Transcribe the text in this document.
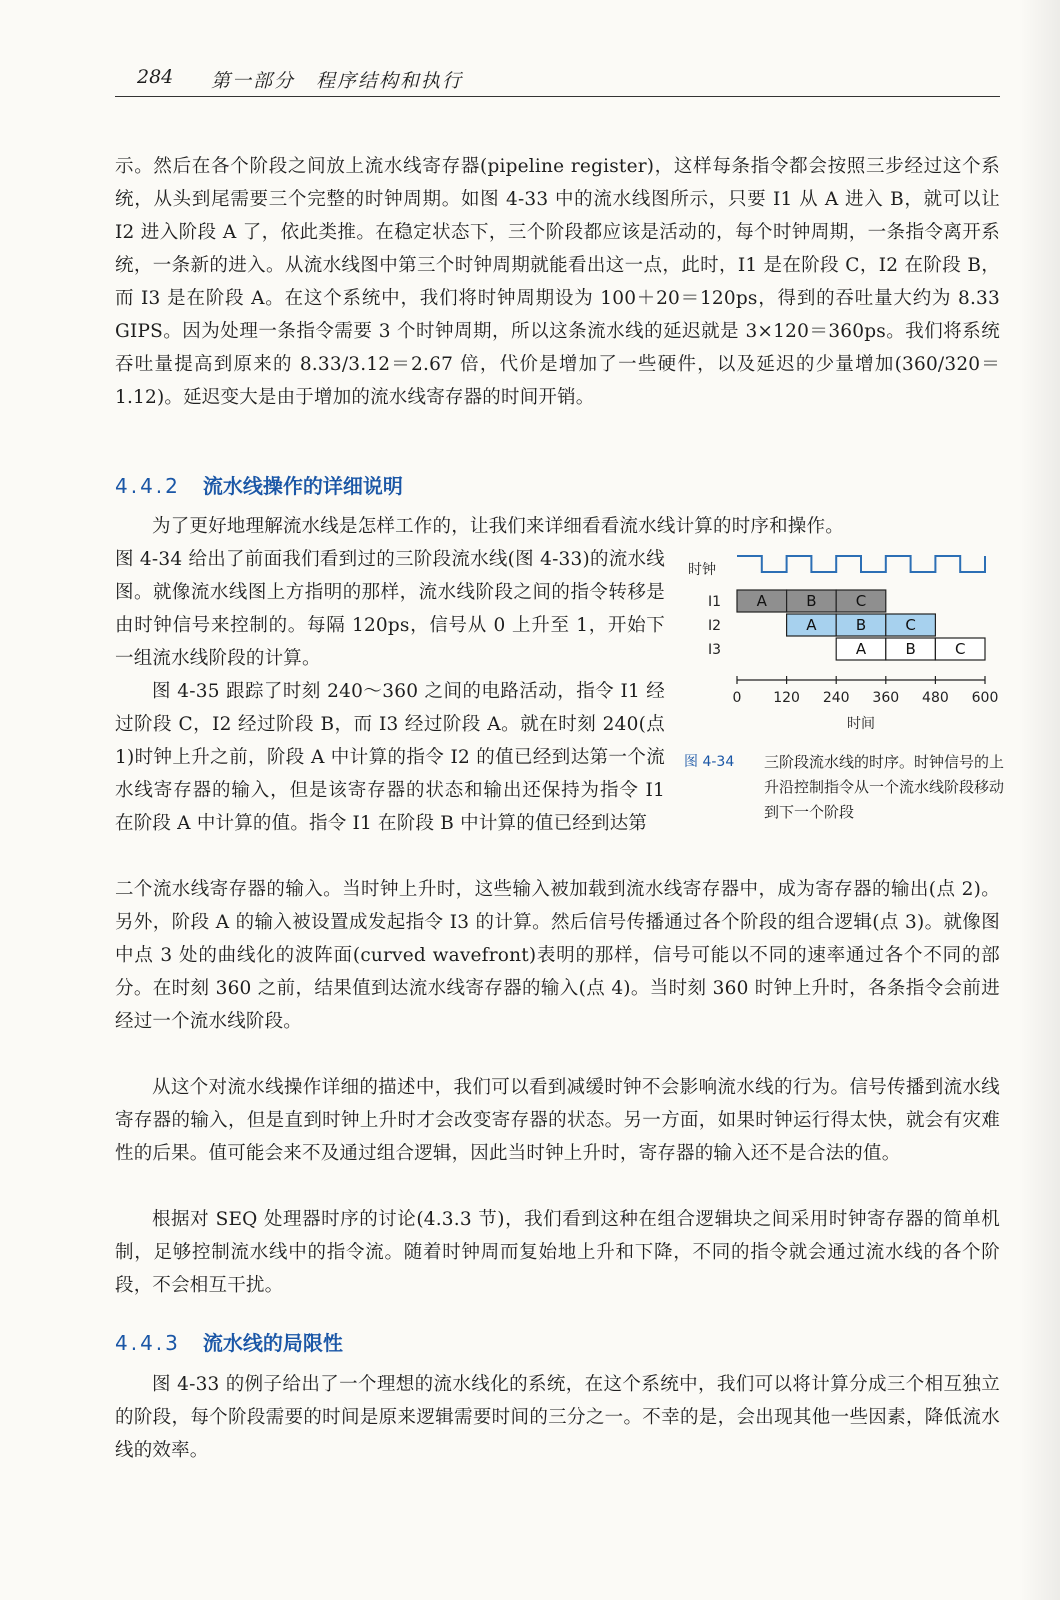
284 第一部分　程序结构和执行

示。然后在各个阶段之间放上流水线寄存器(pipeline register)，这样每条指令都会按照三步经过这个系统，从头到尾需要三个完整的时钟周期。如图 4-33 中的流水线图所示，只要 I1 从 A 进入 B，就可以让 I2 进入阶段 A 了，依此类推。在稳定状态下，三个阶段都应该是活动的，每个时钟周期，一条指令离开系统，一条新的进入。从流水线图中第三个时钟周期就能看出这一点，此时，I1 是在阶段 C，I2 在阶段 B，而 I3 是在阶段 A。在这个系统中，我们将时钟周期设为 100＋20＝120ps，得到的吞吐量大约为 8.33 GIPS。因为处理一条指令需要 3 个时钟周期，所以这条流水线的延迟就是 3×120＝360ps。我们将系统吞吐量提高到原来的 8.33/3.12＝2.67 倍，代价是增加了一些硬件，以及延迟的少量增加(360/320＝1.12)。延迟变大是由于增加的流水线寄存器的时间开销。

4.4.2 流水线操作的详细说明

为了更好地理解流水线是怎样工作的，让我们来详细看看流水线计算的时序和操作。

图 4-34 给出了前面我们看到过的三阶段流水线(图 4-33)的流水线图。就像流水线图上方指明的那样，流水线阶段之间的指令转移是由时钟信号来控制的。每隔 120ps，信号从 0 上升至 1，开始下一组流水线阶段的计算。

图 4-35 跟踪了时刻 240～360 之间的电路活动，指令 I1 经过阶段 C，I2 经过阶段 B，而 I3 经过阶段 A。就在时刻 240(点 1)时钟上升之前，阶段 A 中计算的指令 I2 的值已经到达第一个流水线寄存器的输入，但是该寄存器的状态和输出还保持为指令 I1 在阶段 A 中计算的值。指令 I1 在阶段 B 中计算的值已经到达第

二个流水线寄存器的输入。当时钟上升时，这些输入被加载到流水线寄存器中，成为寄存器的输出(点 2)。另外，阶段 A 的输入被设置成发起指令 I3 的计算。然后信号传播通过各个阶段的组合逻辑(点 3)。就像图中点 3 处的曲线化的波阵面(curved wavefront)表明的那样，信号可能以不同的速率通过各个不同的部分。在时刻 360 之前，结果值到达流水线寄存器的输入(点 4)。当时刻 360 时钟上升时，各条指令会前进经过一个流水线阶段。

从这个对流水线操作详细的描述中，我们可以看到减缓时钟不会影响流水线的行为。信号传播到流水线寄存器的输入，但是直到时钟上升时才会改变寄存器的状态。另一方面，如果时钟运行得太快，就会有灾难性的后果。值可能会来不及通过组合逻辑，因此当时钟上升时，寄存器的输入还不是合法的值。

根据对 SEQ 处理器时序的讨论(4.3.3 节)，我们看到这种在组合逻辑块之间采用时钟寄存器的简单机制，足够控制流水线中的指令流。随着时钟周而复始地上升和下降，不同的指令就会通过流水线的各个阶段，不会相互干扰。

4.4.3 流水线的局限性

图 4-33 的例子给出了一个理想的流水线化的系统，在这个系统中，我们可以将计算分成三个相互独立的阶段，每个阶段需要的时间是原来逻辑需要时间的三分之一。不幸的是，会出现其他一些因素，降低流水线的效率。

时钟
I1 A	B	C
I2	A	B	C
I3	A	B	C
0 120 240 360 480 600
时间

图 4-34 三阶段流水线的时序。时钟信号的上升沿控制指令从一个流水线阶段移动到下一个阶段
